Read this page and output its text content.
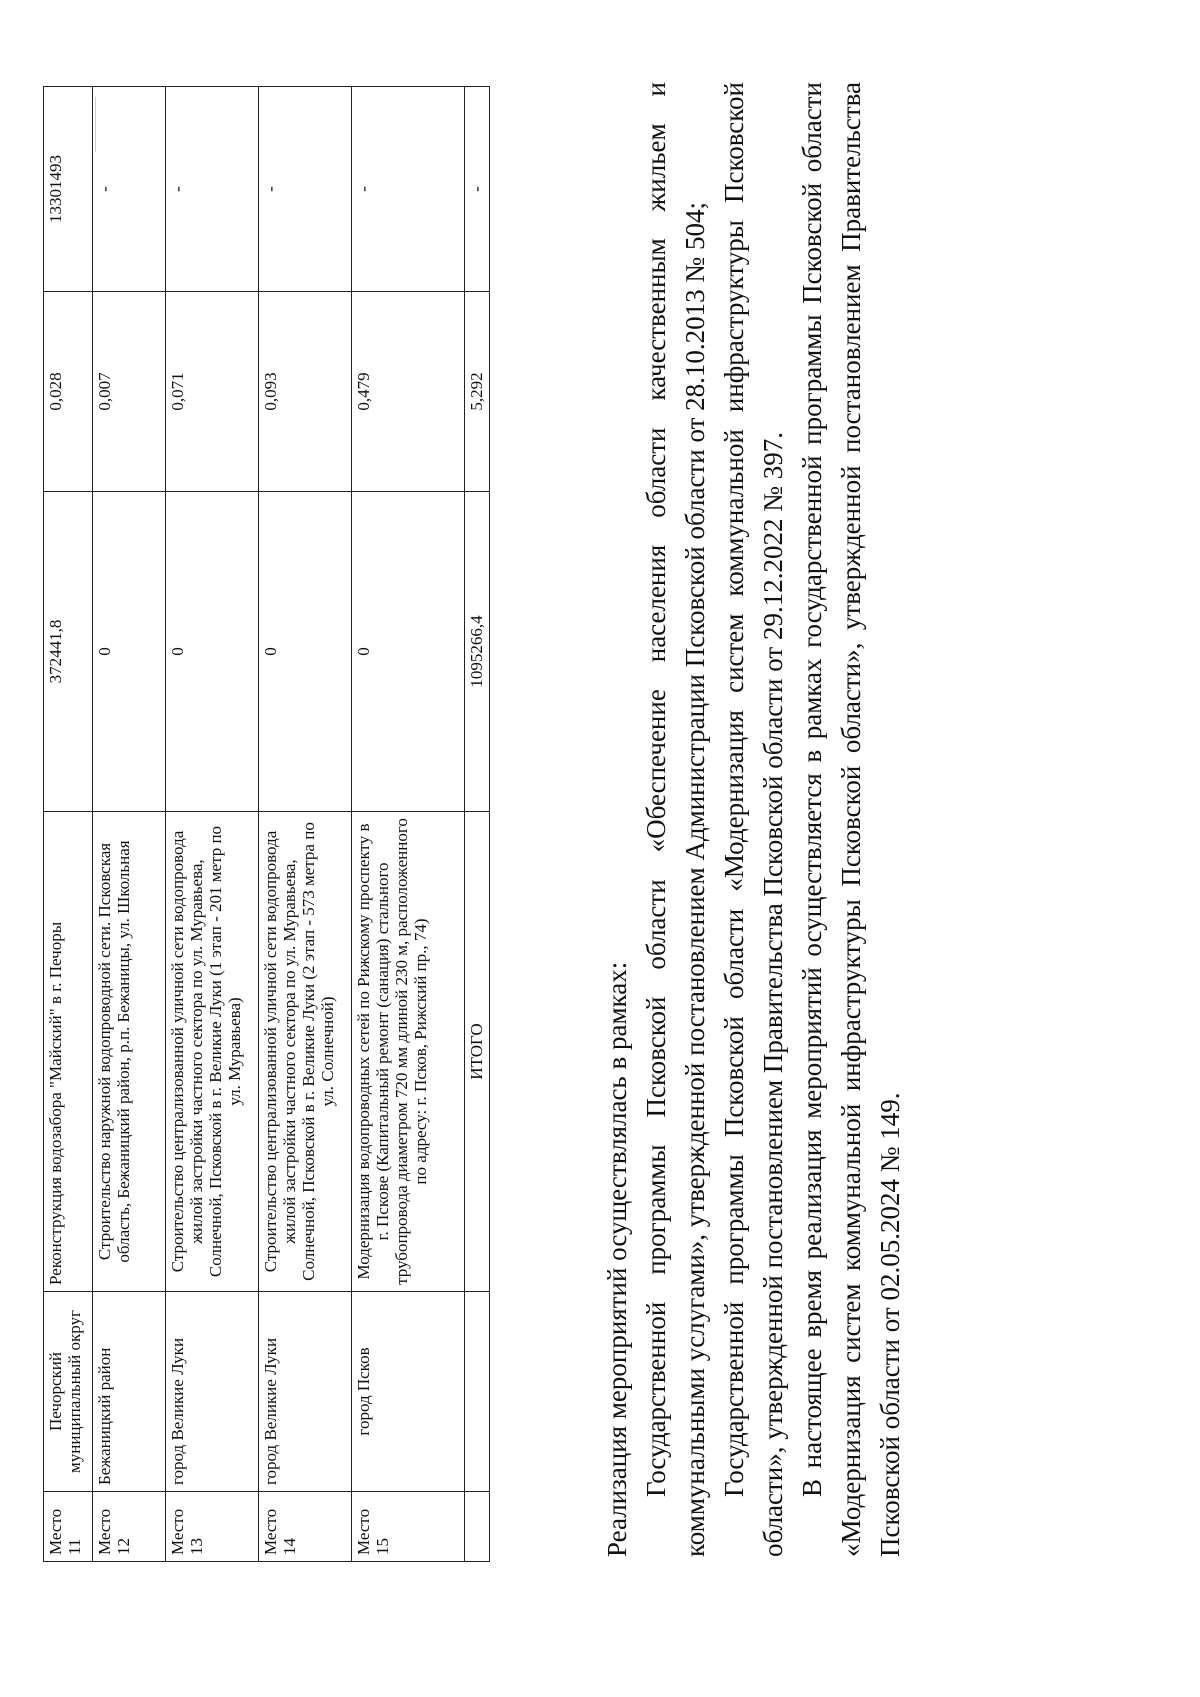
Место 11	Печорский муниципальный округ	Реконструкция водозабора "Майский" в г. Печоры	372441,8	0,028	13301493
Место 12	Бежаницкий район	Строительство наружной водопроводной сети. Псковская область, Бежаницкий район, р.п. Бежаницы, ул. Школьная	0	0,007	-
Место 13	город Великие Луки	Строительство централизованной уличной сети водопровода жилой застройки частного сектора по ул. Муравьева, Солнечной, Псковской в г. Великие Луки (1 этап - 201 метр по ул. Муравьева)	0	0,071	-
Место 14	город Великие Луки	Строительство централизованной уличной сети водопровода жилой застройки частного сектора по ул. Муравьева, Солнечной, Псковской в г. Великие Луки (2 этап - 573 метра по ул. Солнечной)	0	0,093	-
Место 15	город Псков	Модернизация водопроводных сетей по Рижскому проспекту в г. Пскове (Капитальный ремонт (санация) стального трубопровода диаметром 720 мм длиной 230 м, расположенного по адресу: г. Псков, Рижский пр., 74)	0	0,479	-
		ИТОГО	1095266,4	5,292	-

Реализация мероприятий осуществлялась в рамках: Государственной программы Псковской области «Обеспечение населения области качественным жильем и коммунальными услугами», утвержденной постановлением Администрации Псковской области от 28.10.2013 № 504; Государственной программы Псковской области «Модернизация систем коммунальной инфраструктуры Псковской области», утвержденной постановлением Правительства Псковской области от 29.12.2022 № 397. В настоящее время реализация мероприятий осуществляется в рамках государственной программы Псковской области «Модернизация систем коммунальной инфраструктуры Псковской области», утвержденной постановлением Правительства Псковской области от 02.05.2024 № 149.
